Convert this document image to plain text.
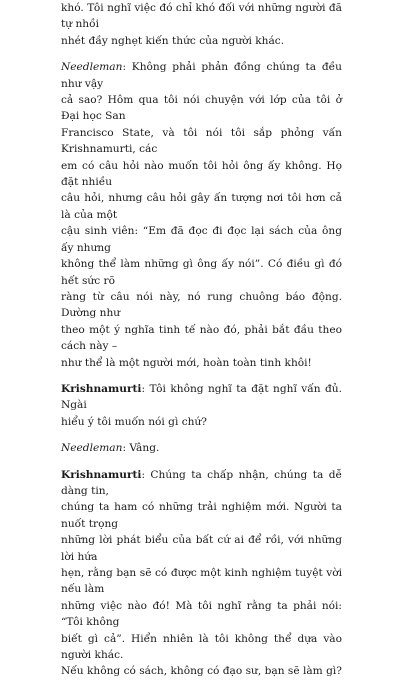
khó. Tôi nghĩ việc đó chỉ khó đối với những người đã tự nhồi
nhét đầy nghẹt kiến thức của người khác.

Needleman: Không phải phản đồng chúng ta đều như vậy
cả sao? Hôm qua tôi nói chuyện với lớp của tôi ở Đại học San
Francisco State, và tôi nói tôi sắp phỏng vấn Krishnamurti, các
em có câu hỏi nào muốn tôi hỏi ông ấy không. Họ đặt nhiều
câu hỏi, nhưng câu hỏi gây ấn tượng nơi tôi hơn cả là của một
cậu sinh viên: “Em đã đọc đi đọc lại sách của ông ấy nhưng
không thể làm những gì ông ấy nói”. Có điều gì đó hết sức rõ
ràng từ câu nói này, nó rung chuông báo động. Dường như
theo một ý nghĩa tinh tế nào đó, phải bắt đầu theo cách này –
như thể là một người mới, hoàn toàn tinh khôi!

Krishnamurti: Tôi không nghĩ ta đặt nghĩ vấn đủ. Ngài
hiểu ý tôi muốn nói gì chứ?

Needleman: Vâng.

Krishnamurti: Chúng ta chấp nhận, chúng ta dễ dàng tin,
chúng ta ham có những trải nghiệm mới. Người ta nuốt trọng
những lời phát biểu của bất cứ ai để rồi, với những lời hứa
hẹn, rằng bạn sẽ có được một kinh nghiệm tuyệt vời nếu làm
những việc nào đó! Mà tôi nghĩ rằng ta phải nói: “Tôi không
biết gì cả”. Hiển nhiên là tôi không thể dựa vào người khác.
Nếu không có sách, không có đạo sư, bạn sẽ làm gì?
